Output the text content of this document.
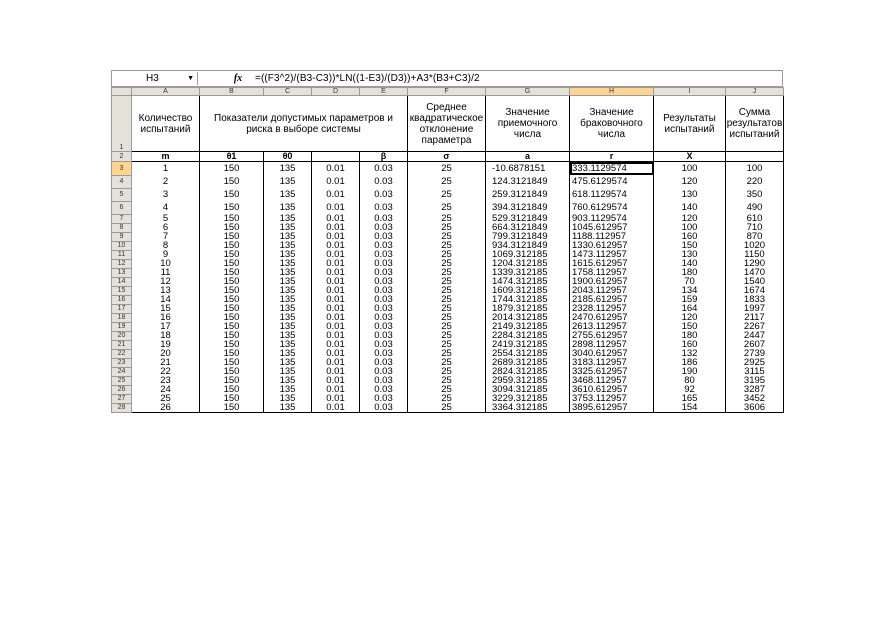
H3	▼	fx	=((F3^2)/(B3-C3))*LN((1-E3)/(D3))+A3*(B3+C3)/2
	A	B	C	D	E	F	G	H	I	J
1	Количество испытаний	Показатели допустимых параметров и риска в выборе системы				Среднее квадратическое отклонение параметра	Значение приемочного числа	Значение браковочного числа	Результаты испытаний	Сумма результатов испытаний
2	m	θ1	θ0		β	σ	a	r	X	
3	1	150	135	0.01	0.03	25	-10.6878151	333.1129574	100	100
4	2	150	135	0.01	0.03	25	124.3121849	475.6129574	120	220
5	3	150	135	0.01	0.03	25	259.3121849	618.1129574	130	350
6	4	150	135	0.01	0.03	25	394.3121849	760.6129574	140	490
7	5	150	135	0.01	0.03	25	529.3121849	903.1129574	120	610
8	6	150	135	0.01	0.03	25	664.3121849	1045.612957	100	710
9	7	150	135	0.01	0.03	25	799.3121849	1188.112957	160	870
10	8	150	135	0.01	0.03	25	934.3121849	1330.612957	150	1020
11	9	150	135	0.01	0.03	25	1069.312185	1473.112957	130	1150
12	10	150	135	0.01	0.03	25	1204.312185	1615.612957	140	1290
13	11	150	135	0.01	0.03	25	1339.312185	1758.112957	180	1470
14	12	150	135	0.01	0.03	25	1474.312185	1900.612957	70	1540
15	13	150	135	0.01	0.03	25	1609.312185	2043.112957	134	1674
16	14	150	135	0.01	0.03	25	1744.312185	2185.612957	159	1833
17	15	150	135	0.01	0.03	25	1879.312185	2328.112957	164	1997
18	16	150	135	0.01	0.03	25	2014.312185	2470.612957	120	2117
19	17	150	135	0.01	0.03	25	2149.312185	2613.112957	150	2267
20	18	150	135	0.01	0.03	25	2284.312185	2755.612957	180	2447
21	19	150	135	0.01	0.03	25	2419.312185	2898.112957	160	2607
22	20	150	135	0.01	0.03	25	2554.312185	3040.612957	132	2739
23	21	150	135	0.01	0.03	25	2689.312185	3183.112957	186	2925
24	22	150	135	0.01	0.03	25	2824.312185	3325.612957	190	3115
25	23	150	135	0.01	0.03	25	2959.312185	3468.112957	80	3195
26	24	150	135	0.01	0.03	25	3094.312185	3610.612957	92	3287
27	25	150	135	0.01	0.03	25	3229.312185	3753.112957	165	3452
28	26	150	135	0.01	0.03	25	3364.312185	3895.612957	154	3606
